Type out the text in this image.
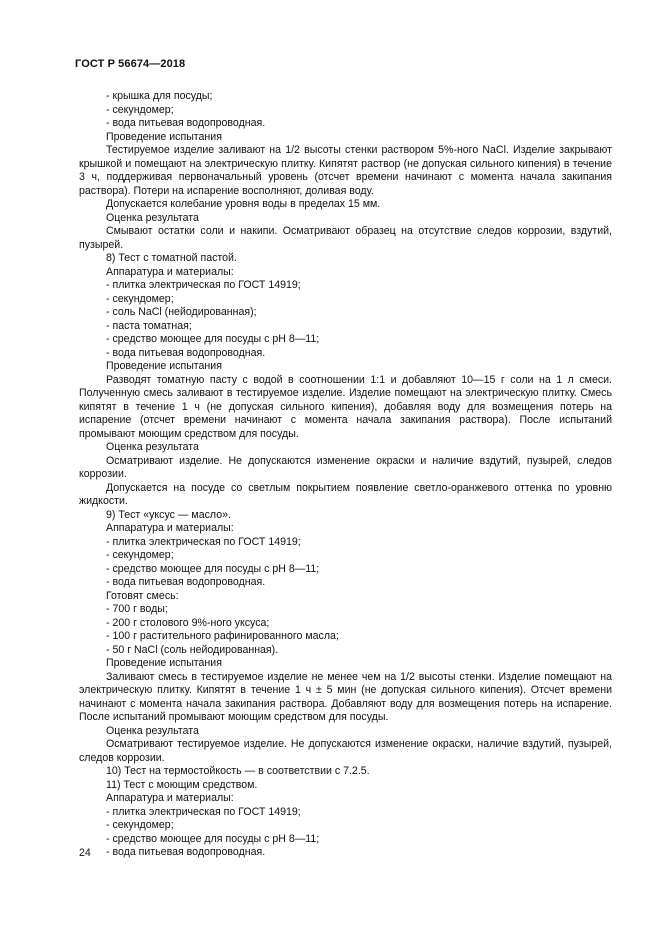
ГОСТ Р 56674—2018

- крышка для посуды;

- секундомер;

- вода питьевая водопроводная.

Проведение испытания

Тестируемое изделие заливают на 1/2 высоты стенки раствором 5%-ного NaCl. Изделие закрывают крышкой и помещают на электрическую плитку. Кипятят раствор (не допуская сильного кипения) в течение 3 ч, поддерживая первоначальный уровень (отсчет времени начинают с момента начала закипания раствора). Потери на испарение восполняют, доливая воду.

Допускается колебание уровня воды в пределах 15 мм.

Оценка результата

Смывают остатки соли и накипи. Осматривают образец на отсутствие следов коррозии, вздутий, пузырей.

8) Тест с томатной пастой.

Аппаратура и материалы:

- плитка электрическая по ГОСТ 14919;

- секундомер;

- соль NaCl (нейодированная);

- паста томатная;

- средство моющее для посуды с рН 8—11;

- вода питьевая водопроводная.

Проведение испытания

Разводят томатную пасту с водой в соотношении 1:1 и добавляют 10—15 г соли на 1 л смеси. Полученную смесь заливают в тестируемое изделие. Изделие помещают на электрическую плитку. Смесь кипятят в течение 1 ч (не допуская сильного кипения), добавляя воду для возмещения потерь на испарение (отсчет времени начинают с момента начала закипания раствора). После испытаний промывают моющим средством для посуды.

Оценка результата

Осматривают изделие. Не допускаются изменение окраски и наличие вздутий, пузырей, следов коррозии.

Допускается на посуде со светлым покрытием появление светло-оранжевого оттенка по уровню жидкости.

9) Тест «уксус — масло».

Аппаратура и материалы:

- плитка электрическая по ГОСТ 14919;

- секундомер;

- средство моющее для посуды с рН 8—11;

- вода питьевая водопроводная.

Готовят смесь:

- 700 г воды;

- 200 г столового 9%-ного уксуса;

- 100 г растительного рафинированного масла;

- 50 г NaCl (соль нейодированная).

Проведение испытания

Заливают смесь в тестируемое изделие не менее чем на 1/2 высоты стенки. Изделие помещают на электрическую плитку. Кипятят в течение 1 ч ± 5 мин (не допуская сильного кипения). Отсчет времени начинают с момента начала закипания раствора. Добавляют воду для возмещения потерь на испарение. После испытаний промывают моющим средством для посуды.

Оценка результата

Осматривают тестируемое изделие. Не допускаются изменение окраски, наличие вздутий, пузырей, следов коррозии.

10) Тест на термостойкость — в соответствии с 7.2.5.

11) Тест с моющим средством.

Аппаратура и материалы:

- плитка электрическая по ГОСТ 14919;

- секундомер;

- средство моющее для посуды с рН 8—11;

- вода питьевая водопроводная.

24
